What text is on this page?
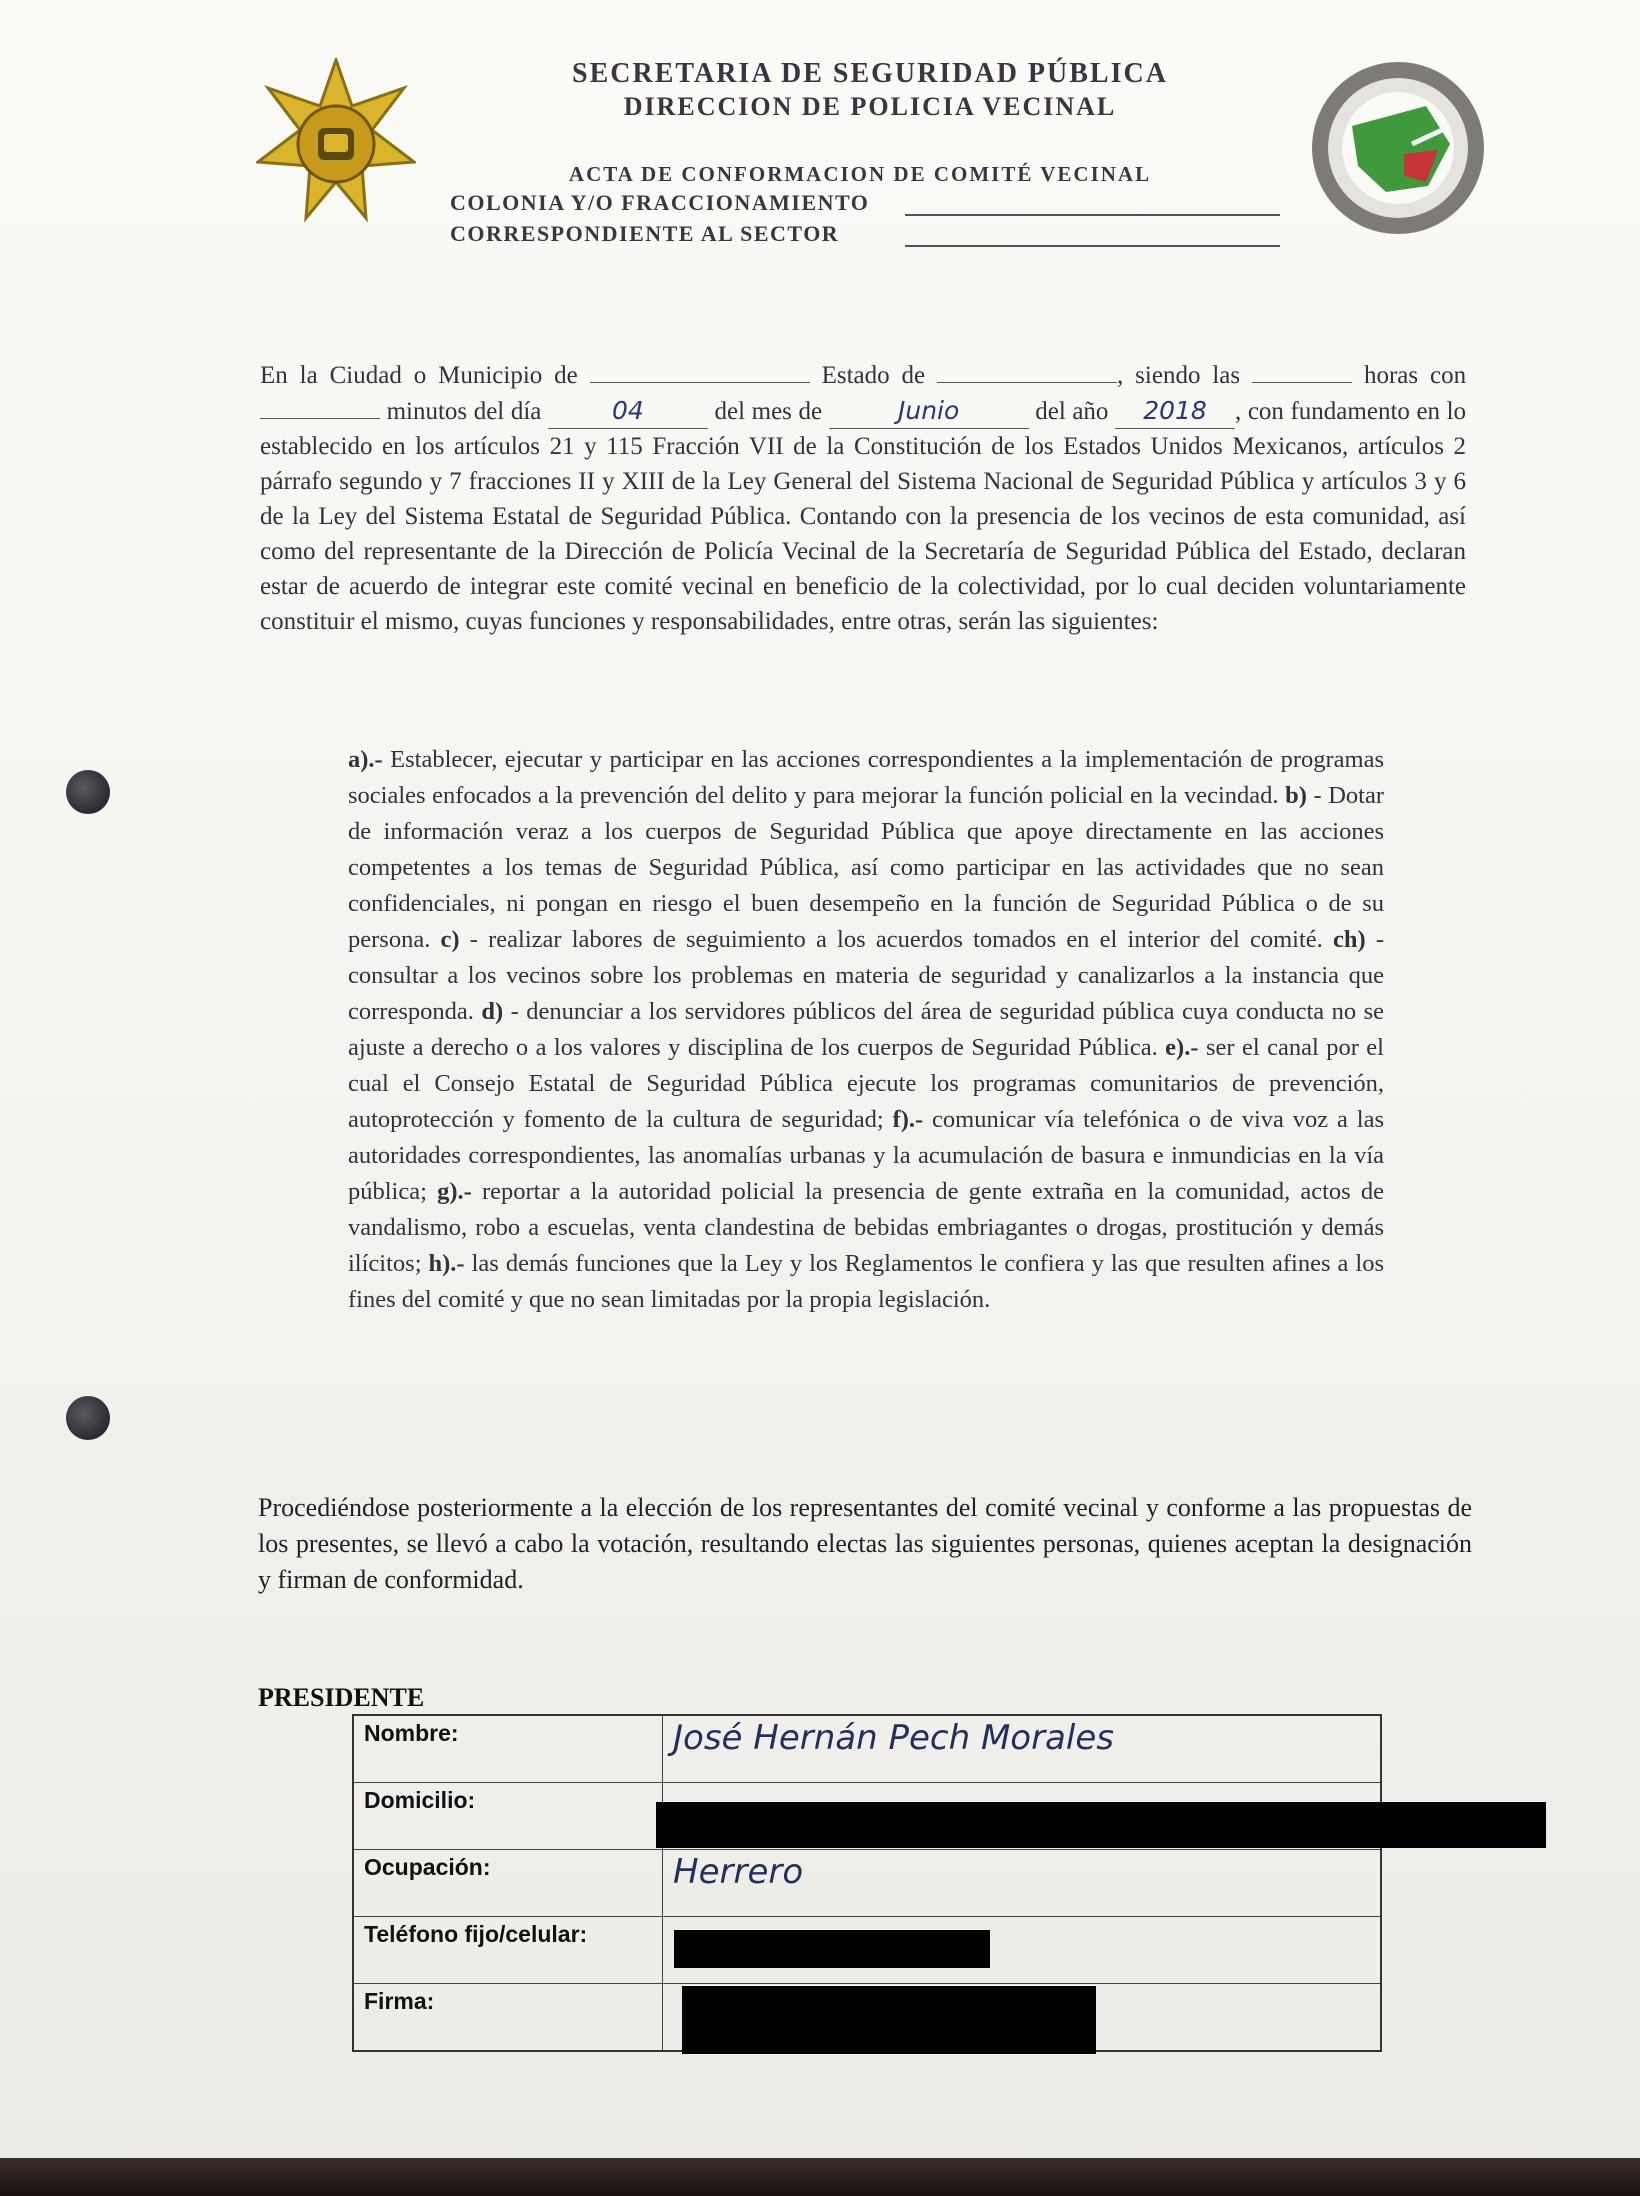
SECRETARIA DE SEGURIDAD PÚBLICA
DIRECCION DE POLICIA VECINAL
ACTA DE CONFORMACION DE COMITÉ VECINAL
COLONIA Y/O FRACCIONAMIENTO
CORRESPONDIENTE AL SECTOR
En la Ciudad o Municipio de	Estado de	, siendo las	horas con  minutos del día	04	del mes de	Junio	del año 2018 , con fundamento en lo establecido en los artículos 21 y 115 Fracción VII de la Constitución de los Estados Unidos Mexicanos, artículos 2 párrafo segundo y 7 fracciones II y XIII de la Ley General del Sistema Nacional de Seguridad Pública y artículos 3 y 6 de la Ley del Sistema Estatal de Seguridad Pública. Contando con la presencia de los vecinos de esta comunidad, así como del representante de la Dirección de Policía Vecinal de la Secretaría de Seguridad Pública del Estado, declaran estar de acuerdo de integrar este comité vecinal en beneficio de la colectividad, por lo cual deciden voluntariamente constituir el mismo, cuyas funciones y responsabilidades, entre otras, serán las siguientes:
a).- Establecer, ejecutar y participar en las acciones correspondientes a la implementación de programas sociales enfocados a la prevención del delito y para mejorar la función policial en la vecindad. b) - Dotar de información veraz a los cuerpos de Seguridad Pública que apoye directamente en las acciones competentes a los temas de Seguridad Pública, así como participar en las actividades que no sean confidenciales, ni pongan en riesgo el buen desempeño en la función de Seguridad Pública o de su persona. c) - realizar labores de seguimiento a los acuerdos tomados en el interior del comité. ch) - consultar a los vecinos sobre los problemas en materia de seguridad y canalizarlos a la instancia que corresponda. d) - denunciar a los servidores públicos del área de seguridad pública cuya conducta no se ajuste a derecho o a los valores y disciplina de los cuerpos de Seguridad Pública. e).- ser el canal por el cual el Consejo Estatal de Seguridad Pública ejecute los programas comunitarios de prevención, autoprotección y fomento de la cultura de seguridad; f).- comunicar vía telefónica o de viva voz a las autoridades correspondientes, las anomalías urbanas y la acumulación de basura e inmundicias en la vía pública; g).- reportar a la autoridad policial la presencia de gente extraña en la comunidad, actos de vandalismo, robo a escuelas, venta clandestina de bebidas embriagantes o drogas, prostitución y demás ilícitos; h).- las demás funciones que la Ley y los Reglamentos le confiera y las que resulten afines a los fines del comité y que no sean limitadas por la propia legislación.
Procediéndose posteriormente a la elección de los representantes del comité vecinal y conforme a las propuestas de los presentes, se llevó a cabo la votación, resultando electas las siguientes personas, quienes aceptan la designación y firman de conformidad.
PRESIDENTE
Nombre:	José Hernán Pech Morales
Domicilio:	
Ocupación:	Herrero
Teléfono fijo/celular:	
Firma:	
